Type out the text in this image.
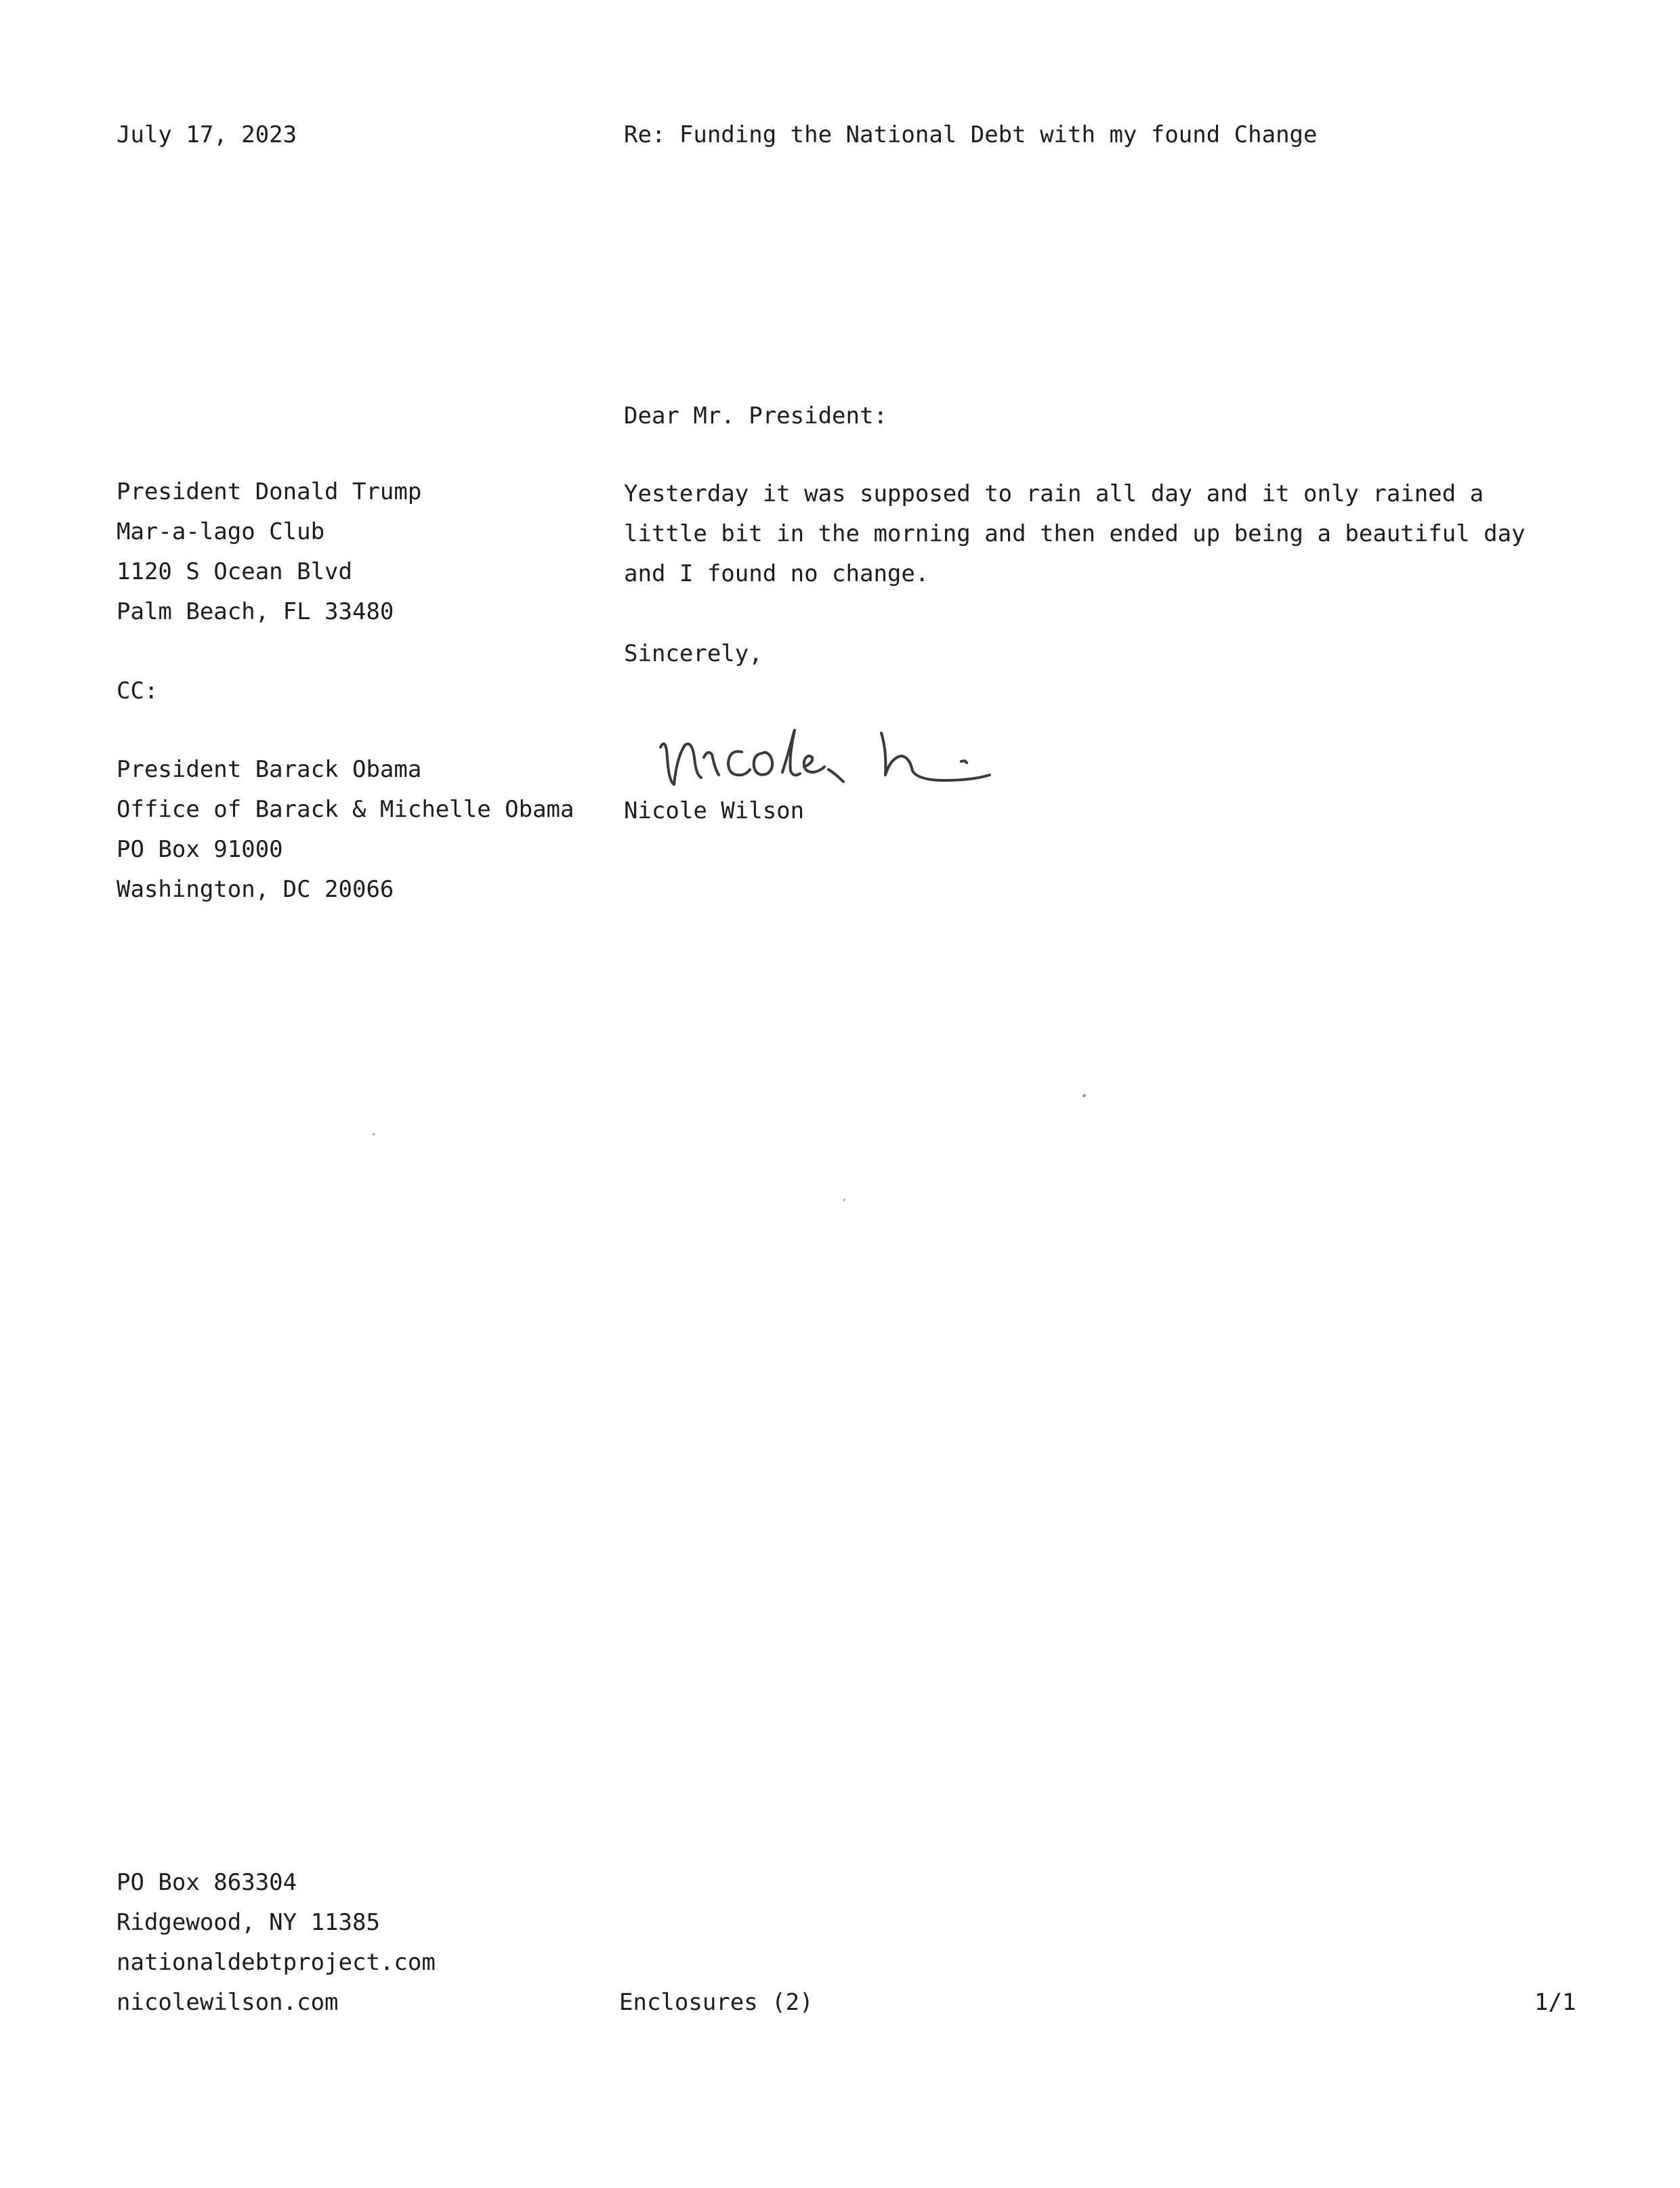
July 17, 2023	Re: Funding the National Debt with my found Change
President Donald Trump
Mar-a-lago Club
1120 S Ocean Blvd
Palm Beach, FL 33480
CC:
President Barack Obama
Office of Barack & Michelle Obama
PO Box 91000
Washington, DC 20066
Dear Mr. President:
Yesterday it was supposed to rain all day and it only rained a
little bit in the morning and then ended up being a beautiful day
and I found no change.
Sincerely,
Nicole Wilson
PO Box 863304
Ridgewood, NY 11385
nationaldebtproject.com
nicolewilson.com	Enclosures (2)	1/1
